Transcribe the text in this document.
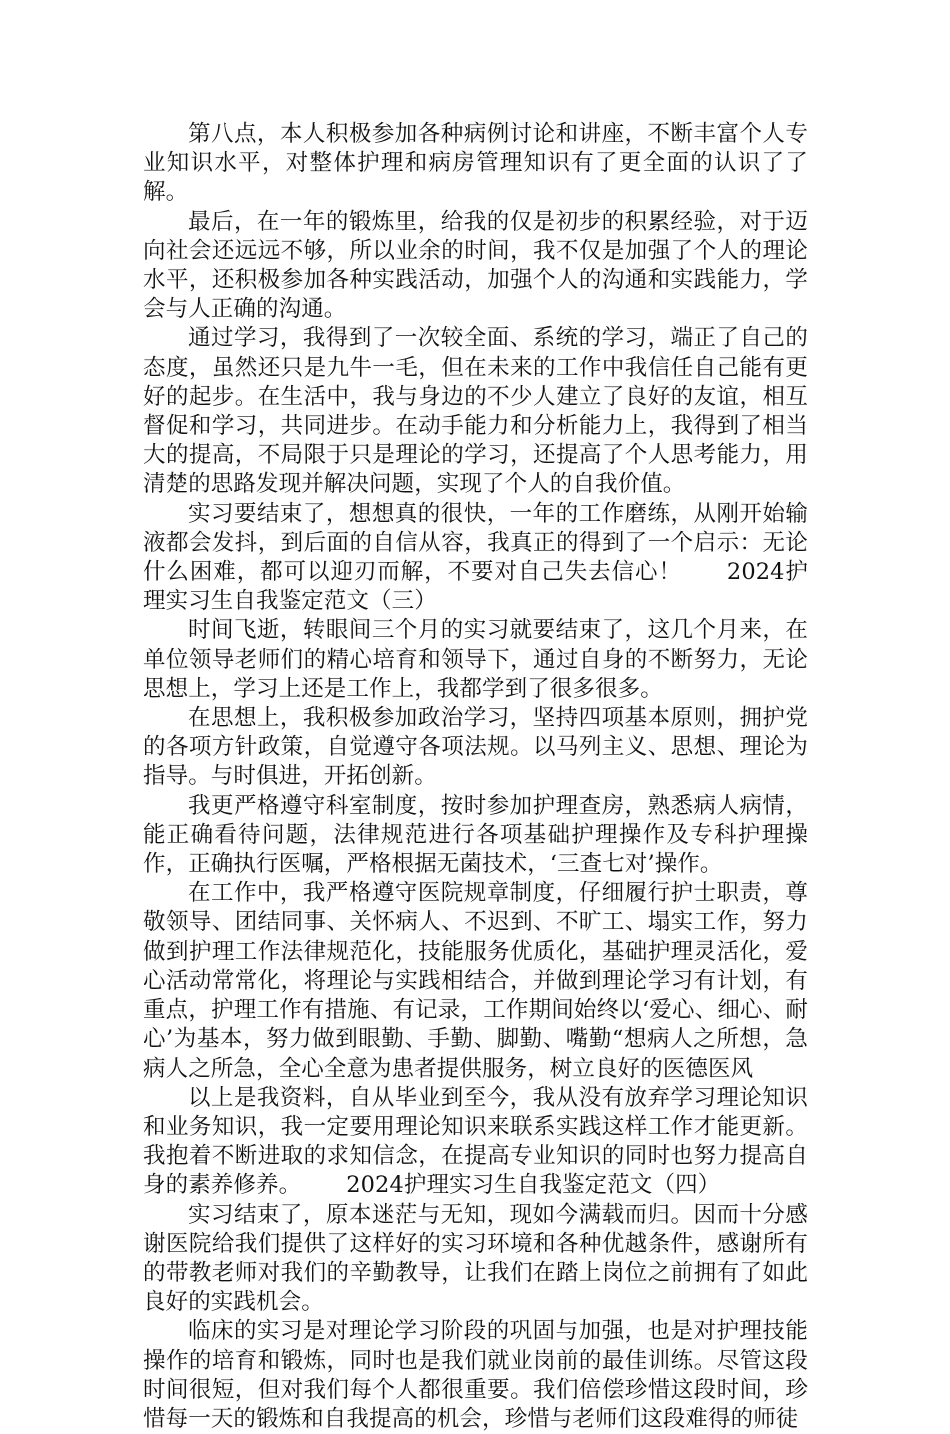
第八点，本人积极参加各种病例讨论和讲座，不断丰富个人专业知识水平，对整体护理和病房管理知识有了更全面的认识了了解。

最后，在一年的锻炼里，给我的仅是初步的积累经验，对于迈向社会还远远不够，所以业余的时间，我不仅是加强了个人的理论水平，还积极参加各种实践活动，加强个人的沟通和实践能力，学会与人正确的沟通。

通过学习，我得到了一次较全面、系统的学习，端正了自己的态度，虽然还只是九牛一毛，但在未来的工作中我信任自己能有更好的起步。在生活中，我与身边的不少人建立了良好的友谊，相互督促和学习，共同进步。在动手能力和分析能力上，我得到了相当大的提高，不局限于只是理论的学习，还提高了个人思考能力，用清楚的思路发现并解决问题，实现了个人的自我价值。

实习要结束了，想想真的很快，一年的工作磨练，从刚开始输液都会发抖，到后面的自信从容，我真正的得到了一个启示：无论什么困难，都可以迎刃而解，不要对自己失去信心！ 2024护理实习生自我鉴定范文（三）

时间飞逝，转眼间三个月的实习就要结束了，这几个月来，在单位领导老师们的精心培育和领导下，通过自身的不断努力，无论思想上，学习上还是工作上，我都学到了很多很多。

在思想上，我积极参加政治学习，坚持四项基本原则，拥护党的各项方针政策，自觉遵守各项法规。以马列主义、思想、理论为指导。与时俱进，开拓创新。

我更严格遵守科室制度，按时参加护理查房，熟悉病人病情，能正确看待问题，法律规范进行各项基础护理操作及专科护理操作，正确执行医嘱，严格根据无菌技术，‘三查七对’操作。

在工作中，我严格遵守医院规章制度，仔细履行护士职责，尊敬领导、团结同事、关怀病人、不迟到、不旷工、塌实工作，努力做到护理工作法律规范化，技能服务优质化，基础护理灵活化，爱心活动常常化，将理论与实践相结合，并做到理论学习有计划，有重点，护理工作有措施、有记录，工作期间始终以‘爱心、细心、耐心’为基本，努力做到眼勤、手勤、脚勤、嘴勤“想病人之所想，急病人之所急，全心全意为患者提供服务，树立良好的医德医风

以上是我资料，自从毕业到至今，我从没有放弃学习理论知识和业务知识，我一定要用理论知识来联系实践这样工作才能更新。我抱着不断进取的求知信念，在提高专业知识的同时也努力提高自身的素养修养。 2024护理实习生自我鉴定范文（四）

实习结束了，原本迷茫与无知，现如今满载而归。因而十分感谢医院给我们提供了这样好的实习环境和各种优越条件，感谢所有的带教老师对我们的辛勤教导，让我们在踏上岗位之前拥有了如此良好的实践机会。

临床的实习是对理论学习阶段的巩固与加强，也是对护理技能操作的培育和锻炼，同时也是我们就业岗前的最佳训练。尽管这段时间很短，但对我们每个人都很重要。我们倍偿珍惜这段时间，珍惜每一天的锻炼和自我提高的机会，珍惜与老师们这段难得的师徒
